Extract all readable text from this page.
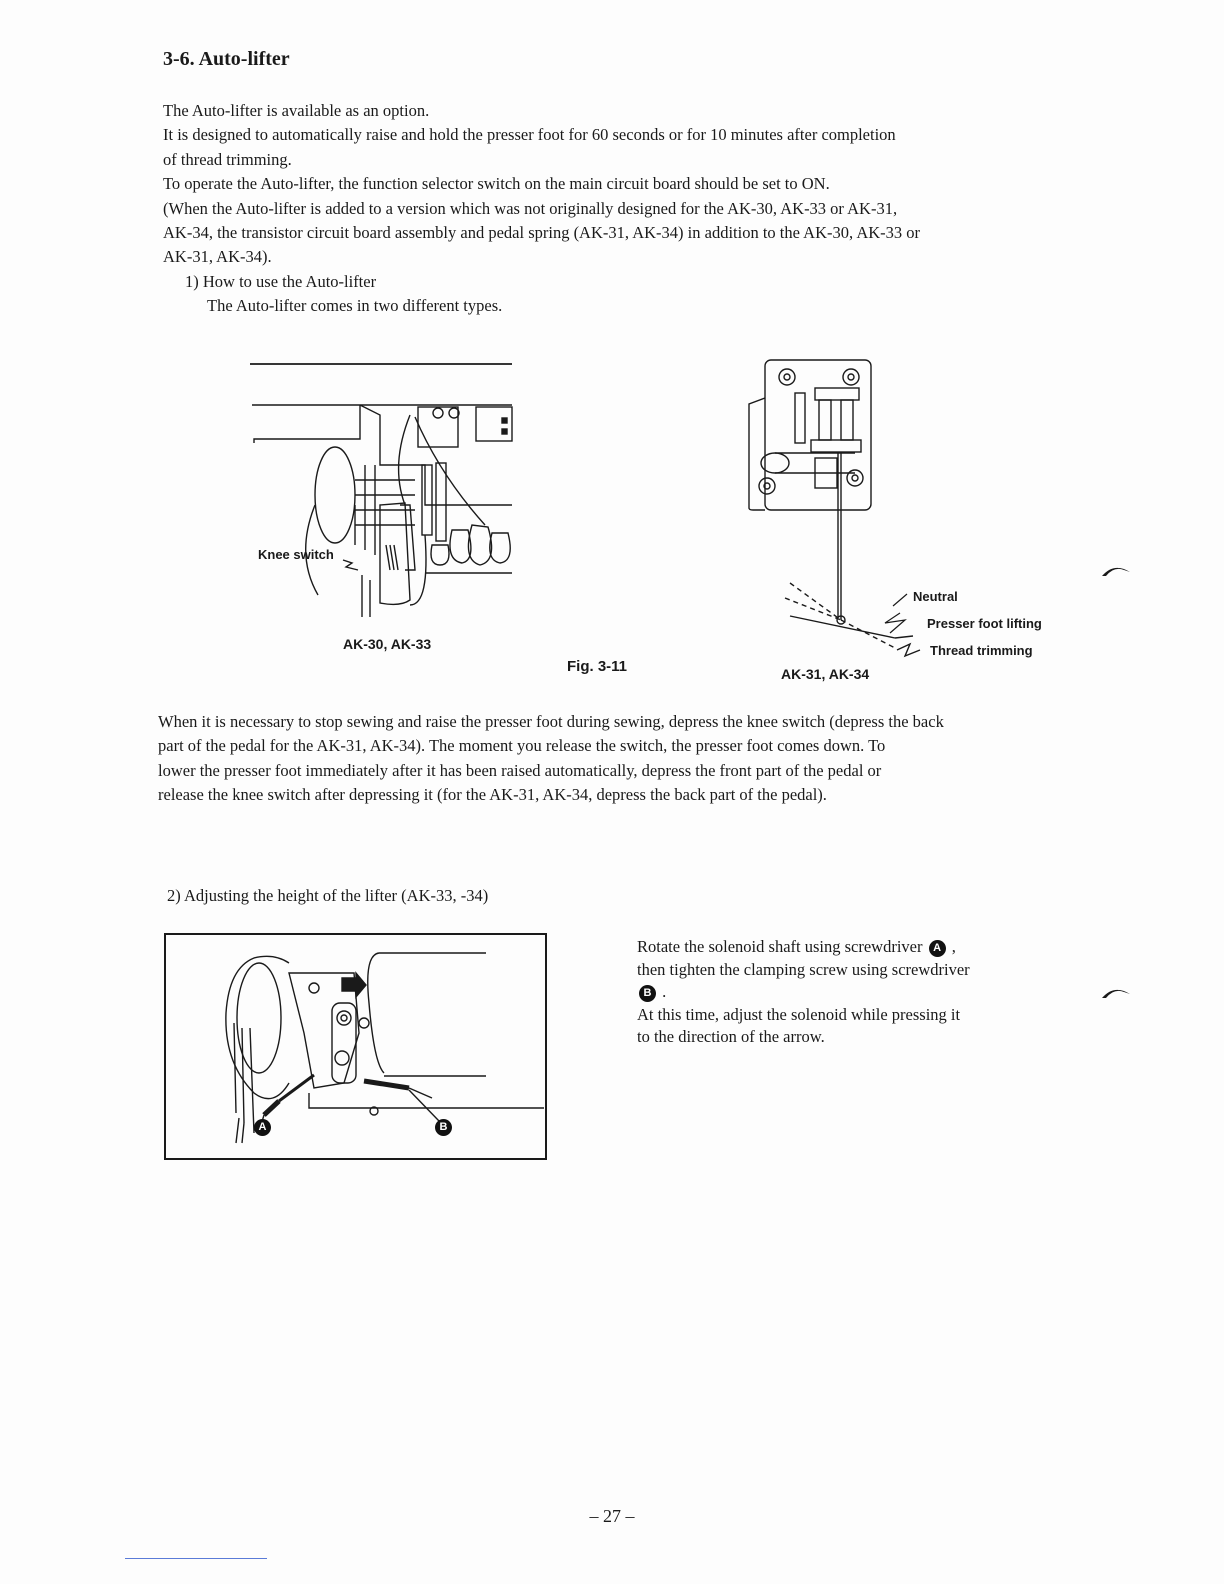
3-6. Auto-lifter

The Auto-lifter is available as an option.

It is designed to automatically raise and hold the presser foot for 60 seconds or for 10 minutes after completion

of thread trimming.

To operate the Auto-lifter, the function selector switch on the main circuit board should be set to ON.

(When the Auto-lifter is added to a version which was not originally designed for the AK-30, AK-33 or AK-31,

AK-34, the transistor circuit board assembly and pedal spring (AK-31, AK-34) in addition to the AK-30, AK-33 or

AK-31, AK-34).

1) How to use the Auto-lifter

The Auto-lifter comes in two different types.

Knee switch
AK-30, AK-33
Fig. 3-11
Neutral
Presser foot lifting
Thread trimming
AK-31, AK-34

When it is necessary to stop sewing and raise the presser foot during sewing, depress the knee switch (depress the back

part of the pedal for the AK-31, AK-34). The moment you release the switch, the presser foot comes down. To

lower the presser foot immediately after it has been raised automatically, depress the front part of the pedal or

release the knee switch after depressing it (for the AK-31, AK-34, depress the back part of the pedal).

2) Adjusting the height of the lifter (AK-33, -34)
A	B

Rotate the solenoid shaft using screwdriver A ,

then tighten the clamping screw using screwdriver

B .

At this time, adjust the solenoid while pressing it

to the direction of the arrow.

– 27 –
